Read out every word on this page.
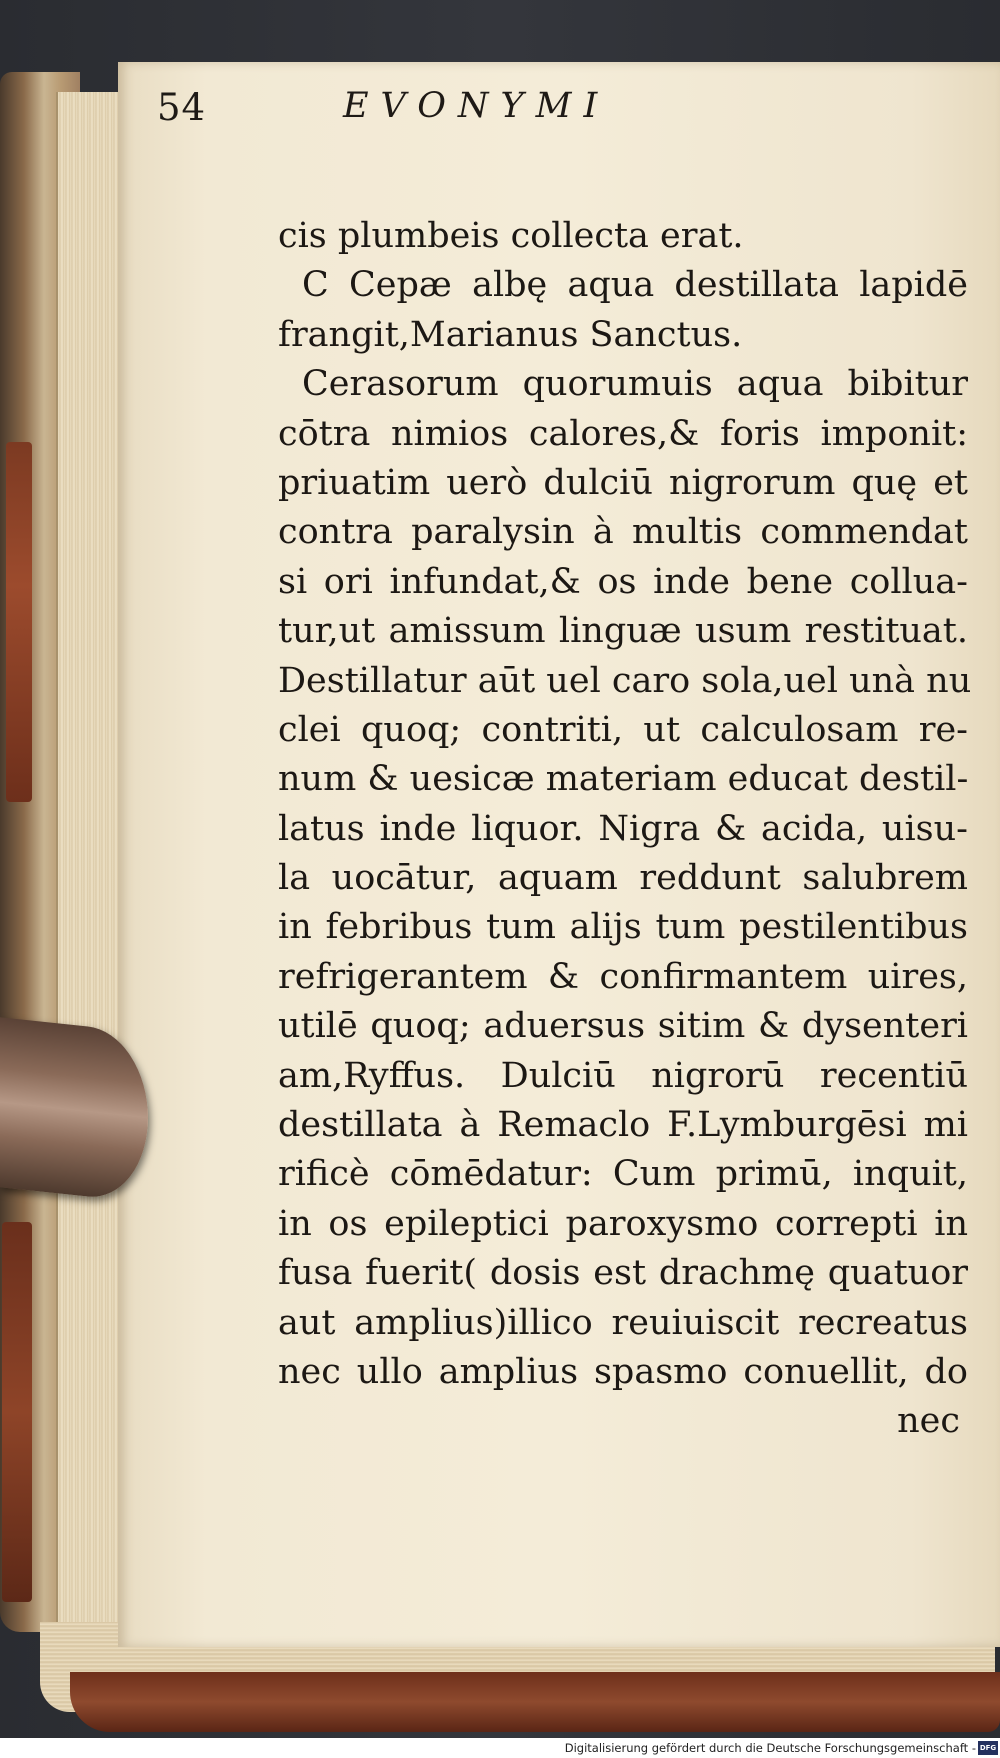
54	EVONYMI
cis plumbeis collecta erat.
C Cepæ albę aqua destillata lapidē
frangit,Marianus Sanctus.
Cerasorum quorumuis aqua bibitur
cōtra nimios calores,& foris imponit:
priuatim uerò dulciū nigrorum quę et
contra paralysin à multis commendat
si ori infundat,& os inde bene collua-
tur,ut amissum linguæ usum restituat.
Destillatur aūt uel caro sola,uel unà nu
clei quoq; contriti, ut calculosam re-
num & uesicæ materiam educat destil-
latus inde liquor. Nigra & acida, uisu-
la uocātur, aquam reddunt salubrem
in febribus tum alijs tum pestilentibus
refrigerantem & confirmantem uires,
utilē quoq; aduersus sitim & dysenteri
am,Ryffus. Dulciū nigrorū recentiū
destillata à Remaclo F.Lymburgēsi mi
rificè cōmēdatur: Cum primū, inquit,
in os epileptici paroxysmo correpti in
fusa fuerit( dosis est drachmę quatuor
aut amplius)illico reuiuiscit recreatus
nec ullo amplius spasmo conuellit, do
nec
Digitalisierung gefördert durch die Deutsche Forschungsgemeinschaft - DFG
